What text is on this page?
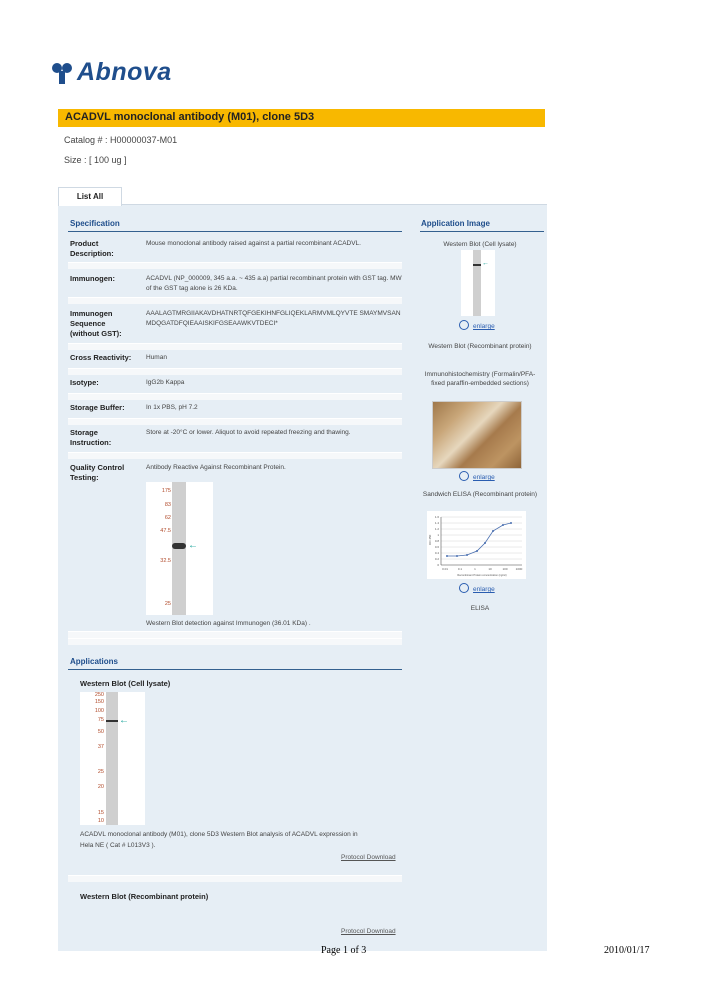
Abnova
ACADVL monoclonal antibody (M01), clone 5D3
Catalog # : H00000037-M01
Size : [ 100 ug ]
List All
Specification
Product Description:
Mouse monoclonal antibody raised against a partial recombinant ACADVL.
Immunogen:	ACADVL (NP_000009, 345 a.a. ~ 435 a.a) partial recombinant protein with GST tag. MW of the GST tag alone is 26 KDa.
Immunogen Sequence (without GST):
AAALAGTMRGIIAKAVDHATNRTQFGEKIHNFGLIQEKLARMVMLQYVTE SMAYMVSANMDQGATDFQIEAAISKIFGSEAAWKVTDECI*
Cross Reactivity:	Human
Isotype:	IgG2b Kappa
Storage Buffer:	In 1x PBS, pH 7.2
Storage Instruction:
Store at -20°C or lower. Aliquot to avoid repeated freezing and thawing.
Quality Control Testing:
Antibody Reactive Against Recombinant Protein.
175
83
62
47.5
32.5
25
←
Western Blot detection against Immunogen (36.01 KDa) .
Application Image
Western Blot (Cell lysate)
←
enlarge
Western Blot (Recombinant protein)
Immunohistochemistry (Formalin/PFA-fixed paraffin-embedded sections)
enlarge
Sandwich ELISA (Recombinant protein)
OD 450
1.6
1.4
1.2
1
0.8
0.6
0.4
0.2
0
0.01	0.1	1	10	100	1000
Recombinant Protein concentration (ng/ml)
enlarge
ELISA
Applications
Western Blot (Cell lysate)
250
150
100
75
50
37
25
20
15
10
←
ACADVL monoclonal antibody (M01), clone 5D3 Western Blot analysis of ACADVL expression in
Hela NE ( Cat # L013V3 ).
Protocol Download
Western Blot (Recombinant protein)
Protocol Download
Page 1 of 3	2010/01/17
